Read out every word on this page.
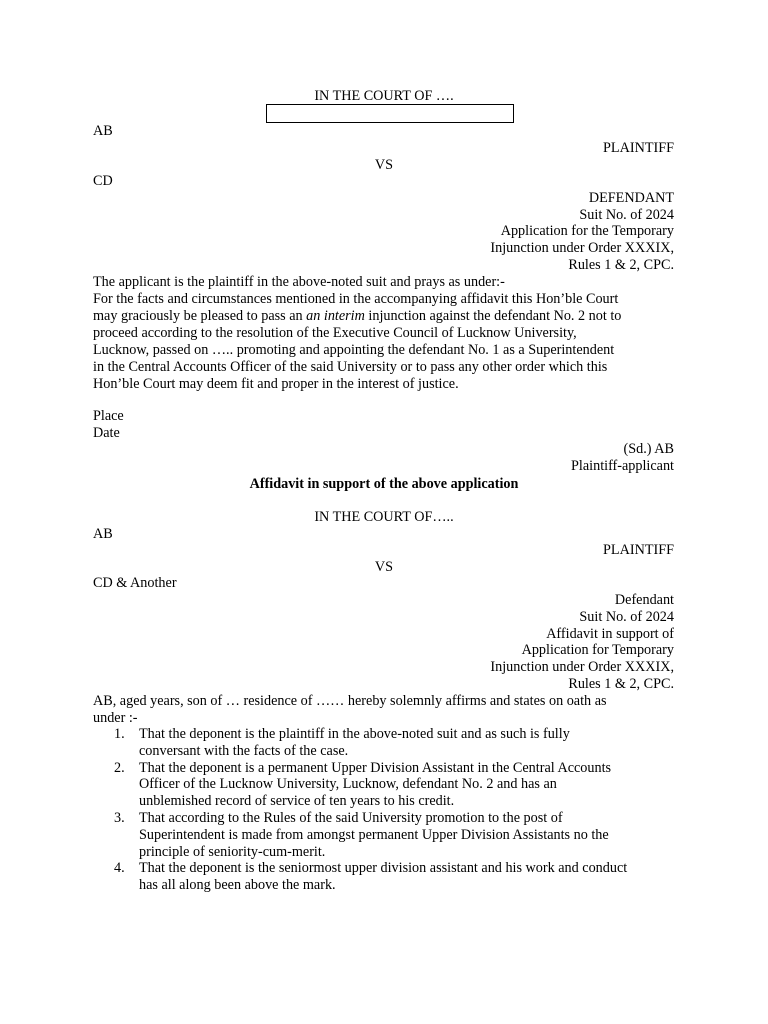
IN THE COURT OF ….
AB
PLAINTIFF
VS
CD
DEFENDANT
Suit No. of 2024
Application for the Temporary
Injunction under Order XXXIX,
Rules 1 & 2, CPC.
The applicant is the plaintiff in the above-noted suit and prays as under:-
For the facts and circumstances mentioned in the accompanying affidavit this Hon’ble Court
may graciously be pleased to pass an an interim injunction against the defendant No. 2 not to
proceed according to the resolution of the Executive Council of Lucknow University,
Lucknow, passed on ….. promoting and appointing the defendant No. 1 as a Superintendent
in the Central Accounts Officer of the said University or to pass any other order which this
Hon’ble Court may deem fit and proper in the interest of justice.
Place
Date
(Sd.) AB
Plaintiff-applicant
Affidavit in support of the above application
IN THE COURT OF…..
AB
PLAINTIFF
VS
CD & Another
Defendant
Suit No. of 2024
Affidavit in support of
Application for Temporary
Injunction under Order XXXIX,
Rules 1 & 2, CPC.
AB, aged years, son of … residence of …… hereby solemnly affirms and states on oath as
under :-
1. That the deponent is the plaintiff in the above-noted suit and as such is fully
conversant with the facts of the case.
2. That the deponent is a permanent Upper Division Assistant in the Central Accounts
Officer of the Lucknow University, Lucknow, defendant No. 2 and has an
unblemished record of service of ten years to his credit.
3. That according to the Rules of the said University promotion to the post of
Superintendent is made from amongst permanent Upper Division Assistants no the
principle of seniority-cum-merit.
4. That the deponent is the seniormost upper division assistant and his work and conduct
has all along been above the mark.
